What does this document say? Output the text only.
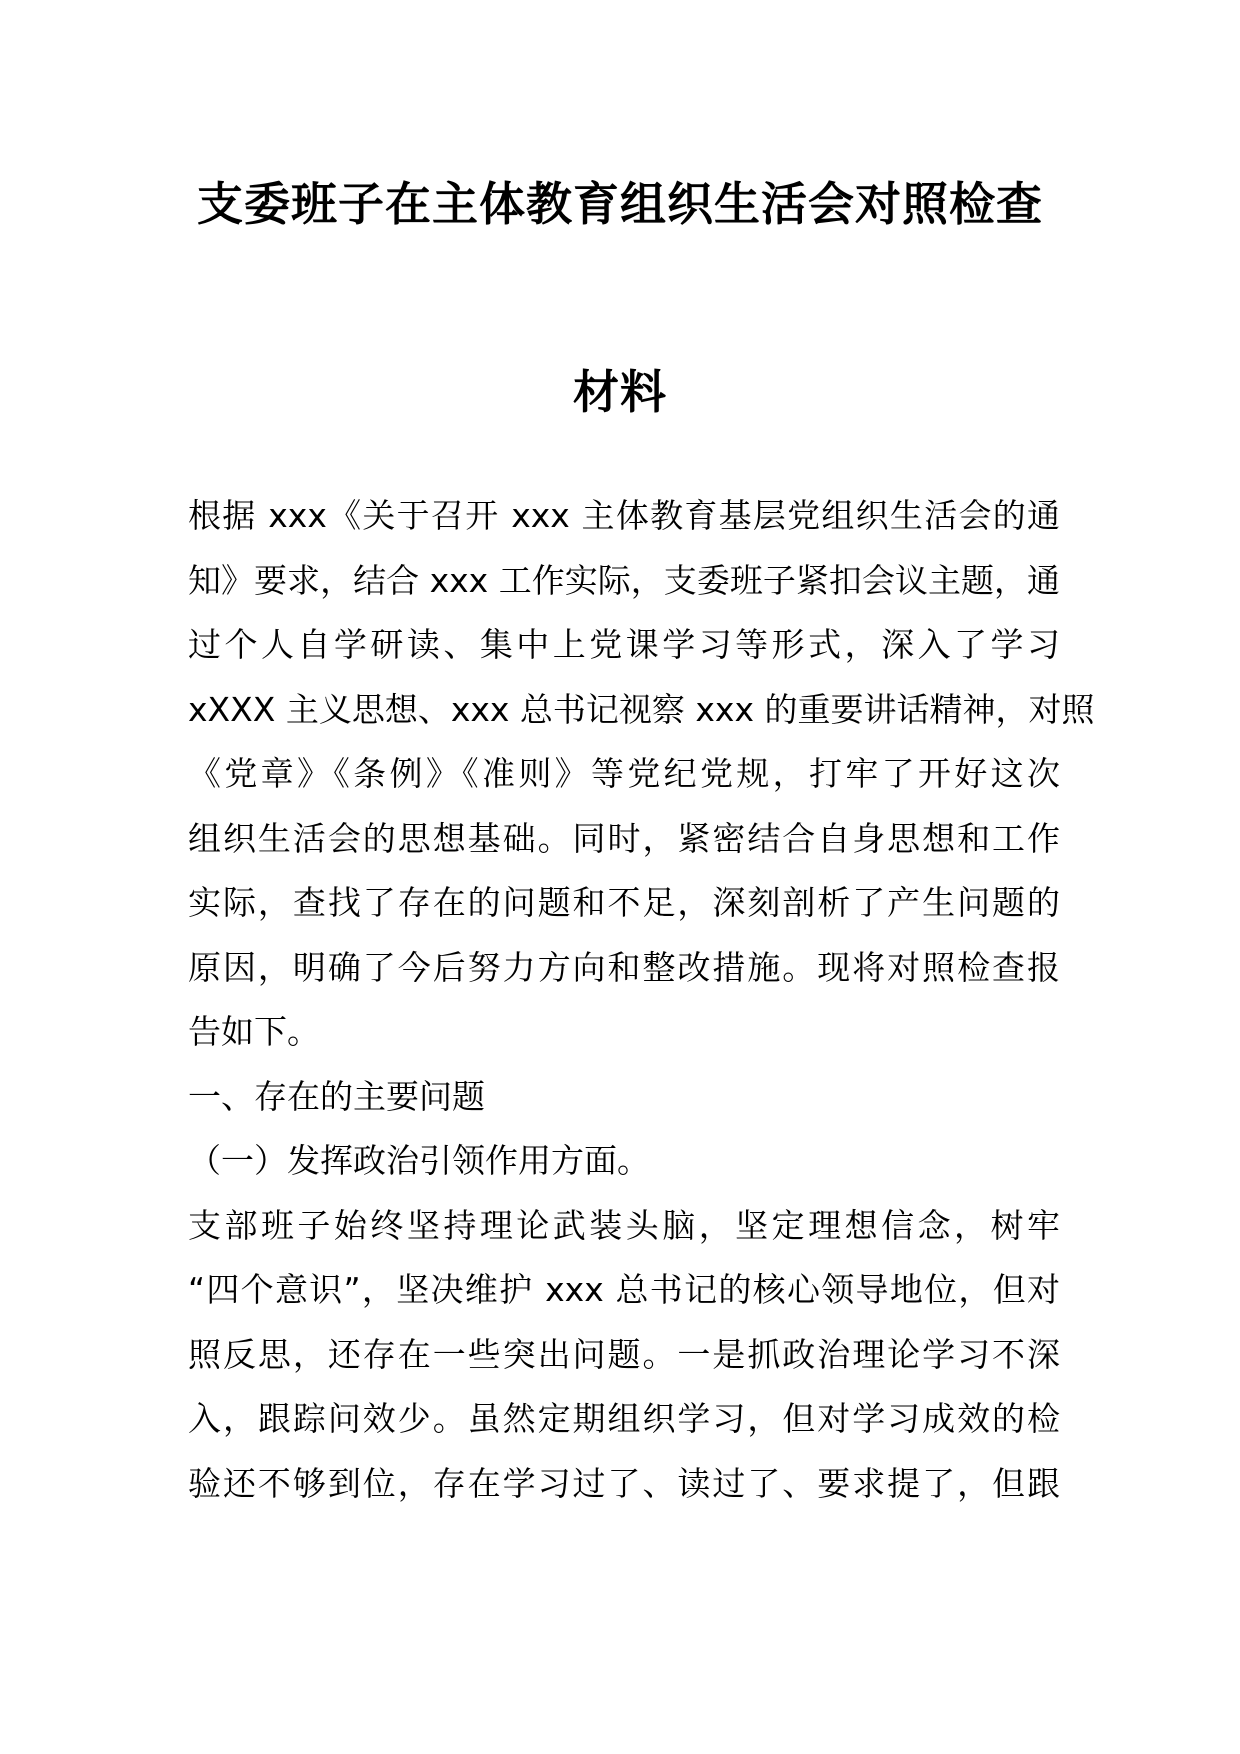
支委班子在主体教育组织生活会对照检查
材料
根据 xxx《关于召开 xxx 主体教育基层党组织生活会的通
知》要求，结合 xxx 工作实际，支委班子紧扣会议主题，通
过个人自学研读、集中上党课学习等形式，深入了学习
xXXX 主义思想、xxx 总书记视察 xxx 的重要讲话精神，对照
《党章》《条例》《准则》等党纪党规，打牢了开好这次
组织生活会的思想基础。同时，紧密结合自身思想和工作
实际，查找了存在的问题和不足，深刻剖析了产生问题的
原因，明确了今后努力方向和整改措施。现将对照检查报
告如下。
一、存在的主要问题
（一）发挥政治引领作用方面。
支部班子始终坚持理论武装头脑，坚定理想信念，树牢
“四个意识”，坚决维护 xxx 总书记的核心领导地位，但对
照反思，还存在一些突出问题。一是抓政治理论学习不深
入，跟踪问效少。虽然定期组织学习，但对学习成效的检
验还不够到位，存在学习过了、读过了、要求提了，但跟
